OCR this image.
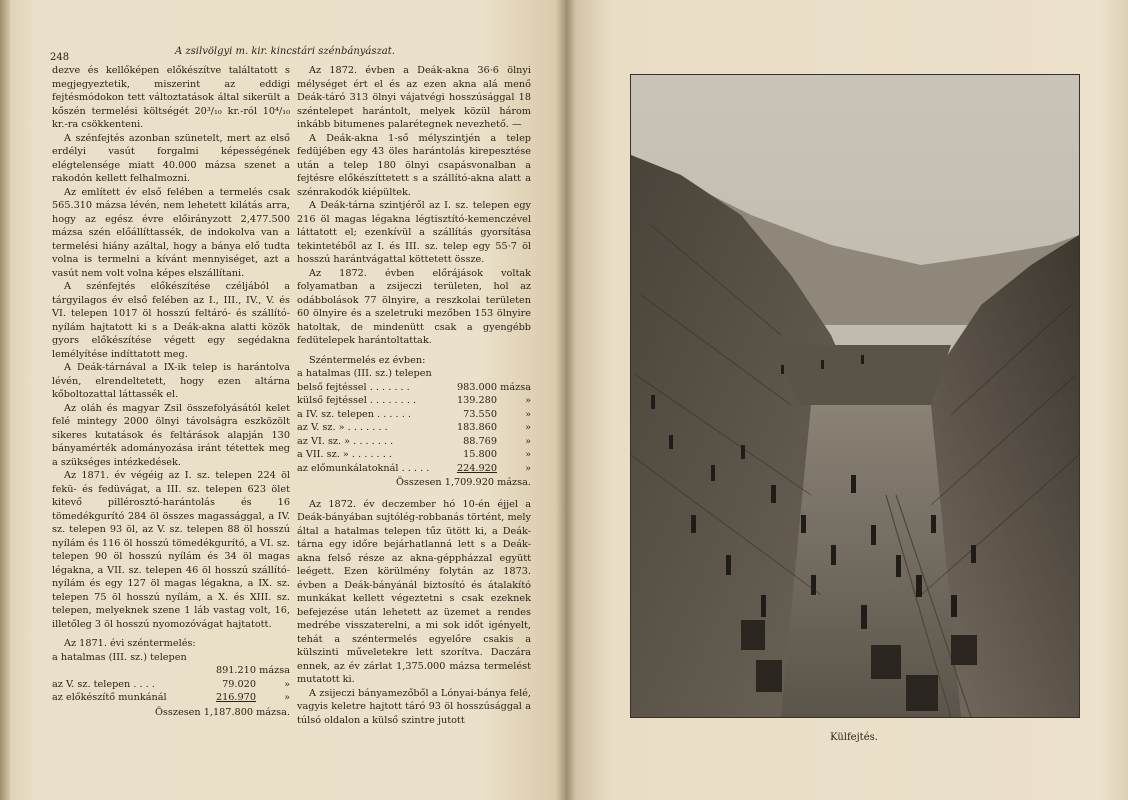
248
A zsilvölgyi m. kir. kincstári szénbányászat.

dezve és kellőképen előkészítve találtatott s megjegyeztetik, miszerint az eddigi fejtésmódokon tett változtatások által sikerült a kőszén termelési költségét 20³/₁₀ kr.-ról 10⁴/₁₀ kr.-ra csökkenteni.

A szénfejtés azonban szünetelt, mert az első erdélyi vasút forgalmi képességének elégtelensége miatt 40.000 mázsa szenet a rakodón kellett felhalmozni.

Az említett év első felében a termelés csak 565.310 mázsa lévén, nem lehetett kilátás arra, hogy az egész évre előirányzott 2,477.500 mázsa szén előállíttassék, de indokolva van a termelési hiány azáltal, hogy a bánya elő tudta volna is termelni a kívánt mennyiséget, azt a vasút nem volt volna képes elszállítani.

A szénfejtés előkészítése czéljából a tárgyilagos év első felében az I., III., IV., V. és VI. telepen 1017 öl hosszú feltáró- és szállító-nyílám hajtatott ki s a Deák-akna alatti közök gyors előkészítése végett egy segédakna lemélyítése indíttatott meg.

A Deák-tárnával a IX-ik telep is harántolva lévén, elrendeltetett, hogy ezen altárna kőboltozattal láttassék el.

Az oláh és magyar Zsil összefolyásától kelet felé mintegy 2000 ölnyi távolságra eszközölt sikeres kutatások és feltárások alapján 130 bányamérték adományozása iránt tétettek meg a szükséges intézkedések.

Az 1871. év végéig az I. sz. telepen 224 öl fekü- és fedüvágat, a III. sz. telepen 623 ölet kitevő pillérosztó-harántolás és 16 tömedékgurító 284 öl összes magassággal, a IV. sz. telepen 93 öl, az V. sz. telepen 88 öl hosszú nyílám és 116 öl hosszú tömedékgurító, a VI. sz. telepen 90 öl hosszú nyílám és 34 öl magas légakna, a VII. sz. telepen 46 öl hosszú szállító-nyílám és egy 127 öl magas légakna, a IX. sz. telepen 75 öl hosszú nyílám, a X. és XIII. sz. telepen, melyeknek szene 1 láb vastag volt, 16, illetőleg 3 öl hosszú nyomozóvágat hajtatott.

Az 1871. évi széntermelés:

a hatalmas (III. sz.) telepen		
	891.210	mázsa
az V. sz. telepen . . . .	79.020	»
az előkészítő munkánál	216.970	»
Összesen 1,187.800 mázsa.

Az 1872. évben a Deák-akna 36·6 ölnyi mélységet ért el és az ezen akna alá menő Deák-táró 313 ölnyi vájatvégi hosszúsággal 18 széntelepet harántolt, melyek közül három inkább bitumenes palarétegnek nevezhető. —

A Deák-akna 1-ső mélyszintjén a telep fedüjében egy 43 öles harántolás kirepesztése után a telep 180 ölnyi csapásvonalban a fejtésre előkészíttetett s a szállító-akna alatt a szénrakodók kiépültek.

A Deák-tárna szintjéről az I. sz. telepen egy 216 öl magas légakna légtisztító-kemenczével láttatott el; ezenkívül a szállítás gyorsítása tekintetéből az I. és III. sz. telep egy 55·7 öl hosszú harántvágattal köttetett össze.

Az 1872. évben előrájások voltak folyamatban a zsijeczi területen, hol az odábbolások 77 ölnyire, a reszkolai területen 60 ölnyire és a szeletruki mezőben 153 ölnyire hatoltak, de mindenütt csak a gyengébb fedütelepek harántoltattak.

Széntermelés ez évben:

a hatalmas (III. sz.) telepen		
belső fejtéssel . . . . . . .	983.000	mázsa
külső fejtéssel . . . . . . . .	139.280	»
a IV. sz. telepen . . . . . .	73.550	»
az V. sz. » . . . . . . .	183.860	»
az VI. sz. » . . . . . . .	88.769	»
a VII. sz. » . . . . . . .	15.800	»
az előmunkálatoknál . . . . .	224.920	»
Összesen 1,709.920 mázsa.

Az 1872. év deczember hó 10-én éjjel a Deák-bányában sujtólég-robbanás történt, mely által a hatalmas telepen tűz ütött ki, a Deák-tárna egy időre bejárhatlanná lett s a Deák-akna felső része az akna-géppházzal együtt leégett. Ezen körülmény folytán az 1873. évben a Deák-bányánál biztosító és átalakító munkákat kellett végeztetni s csak ezeknek befejezése után lehetett az üzemet a rendes medrébe visszaterelni, a mi sok időt igényelt, tehát a széntermelés egyelőre csakis a külszinti műveletekre lett szorítva. Daczára ennek, az év zárlat 1,375.000 mázsa termelést mutatott ki.

A zsijeczi bányamezőből a Lónyai-bánya felé, vagyis keletre hajtott táró 93 öl hosszúsággal a túlsó oldalon a külső szintre jutott

Külfejtés.
